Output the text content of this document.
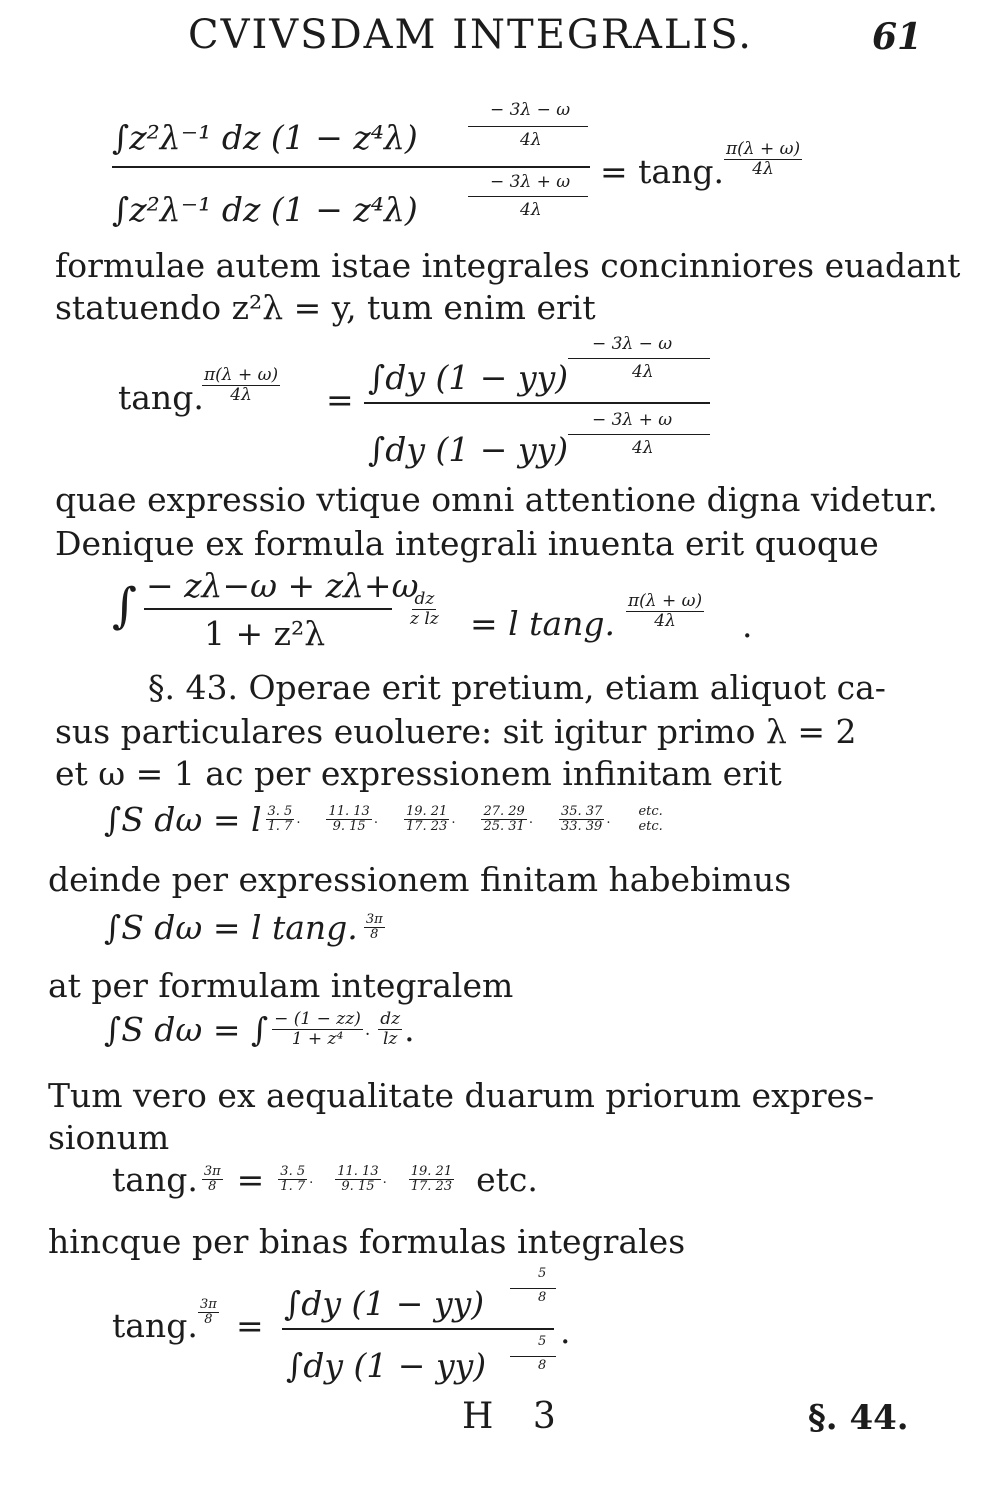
CVIVSDAM INTEGRALIS.	61
∫z²λ⁻¹ dz (1 − z⁴λ)
− 3λ − ω
4λ
∫z²λ⁻¹ dz (1 − z⁴λ)
− 3λ + ω
4λ
= tang. $\frac{\pi(\lambda + \omega)}{4\lambda}$
formulae autem istae integrales concinniores euadant
statuendo z²λ = y, tum enim erit
tang.
$\frac{\pi(\lambda + \omega)}{4\lambda}$ =
∫dy (1 − yy)
− 3λ − ω
4λ
∫dy (1 − yy)
− 3λ + ω
4λ
quae expressio vtique omni attentione digna videtur.
Denique ex formula integrali inuenta erit quoque
∫ − zλ−ω + zλ+ω
1 + z²λ
$\frac{dz}{\text{z lz}} = l$ tang. $\frac{\pi(\lambda + \omega)}{4\lambda}$ .
§. 43. Operae erit pretium, etiam aliquot ca-
sus particulares euoluere: sit igitur primo λ = 2
et ω = 1 ac per expressionem infinitam erit
∫S dω = l $\frac{3. 5}{1. 7}$ . $\frac{11. 13}{9. 15}$ . $\frac{19. 21}{17. 23}$ . $\frac{27. 29}{25. 31}$ . $\frac{35. 37}{33. 39}$ .
etc.
etc.
deinde per expressionem finitam habebimus
∫S dω = l tang. $\frac{3\pi}{8}$
at per formulam integralem
∫S dω = ∫ $\frac{- (1 - zz)}{\text{1 + z⁴}}$ . $\frac{dz}{lz}$ .
Tum vero ex aequalitate duarum priorum expres-
sionum
tang. $\frac{3\pi}{8} = \frac{3. 5}{1. 7}$ . $\frac{11. 13}{9. 15}$ . $\frac{19. 21}{17. 23}$ etc.
hincque per binas formulas integrales
tang. $\frac{3\pi}{8}$ =
∫dy (1 − yy)
5
8
∫dy (1 − yy)
5
8
.
H 3	§. 44.
